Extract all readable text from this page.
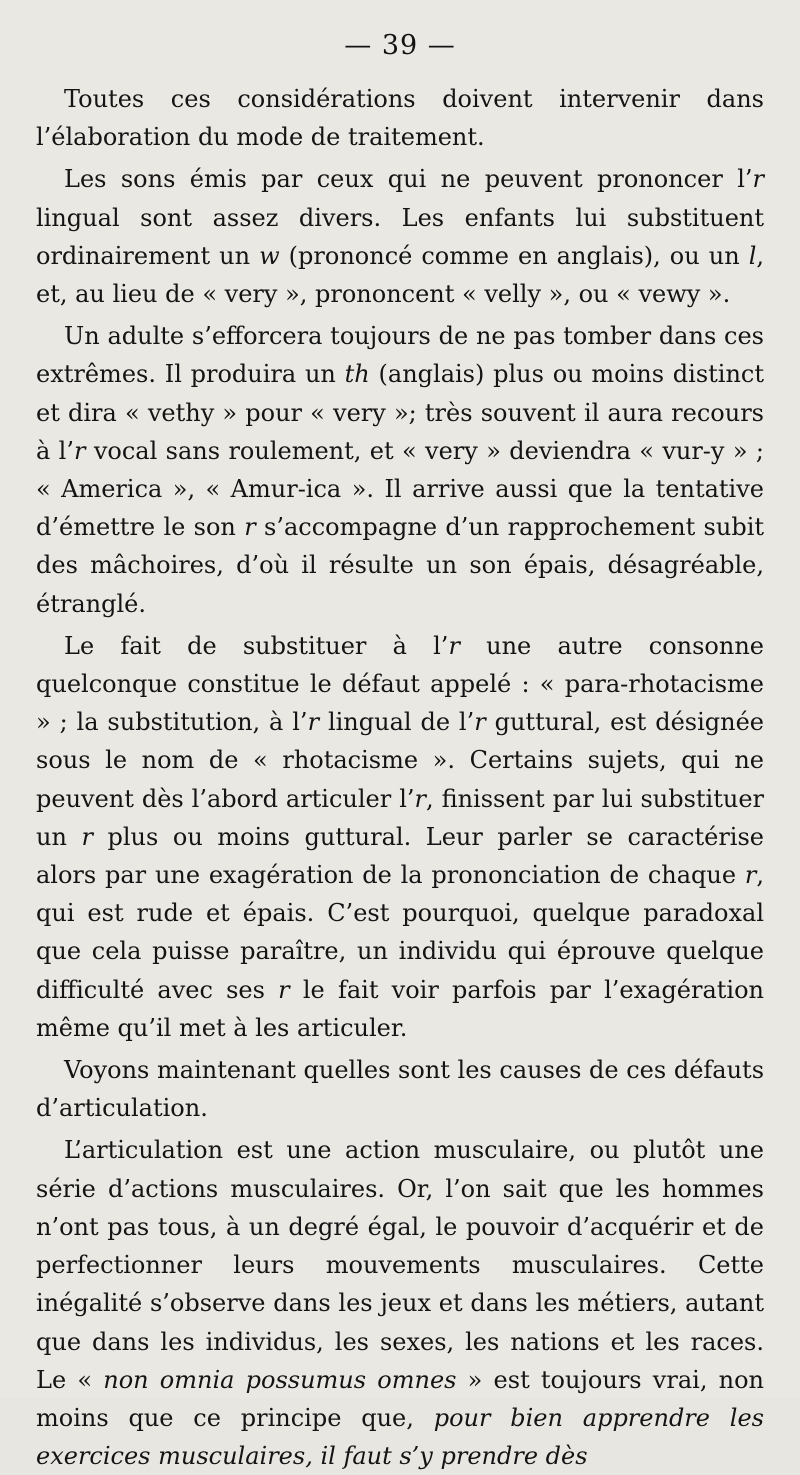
— 39 —

Toutes ces considérations doivent intervenir dans l’élaboration du mode de traitement.

Les sons émis par ceux qui ne peuvent prononcer l’r lingual sont assez divers. Les enfants lui substituent ordinairement un w (prononcé comme en anglais), ou un l, et, au lieu de « very », prononcent « velly », ou « vewy ».

Un adulte s’efforcera toujours de ne pas tomber dans ces extrêmes. Il produira un th (anglais) plus ou moins distinct et dira « vethy » pour « very »; très souvent il aura recours à l’r vocal sans roulement, et « very » deviendra « vur-y » ; « America », « Amur-ica ». Il arrive aussi que la tentative d’émettre le son r s’accompagne d’un rapprochement subit des mâchoires, d’où il résulte un son épais, désagréable, étranglé.

Le fait de substituer à l’r une autre consonne quelconque constitue le défaut appelé : « para-rhotacisme » ; la substitution, à l’r lingual de l’r guttural, est désignée sous le nom de « rhotacisme ». Certains sujets, qui ne peuvent dès l’abord articuler l’r, finissent par lui substituer un r plus ou moins guttural. Leur parler se caractérise alors par une exagération de la prononciation de chaque r, qui est rude et épais. C’est pourquoi, quelque paradoxal que cela puisse paraître, un individu qui éprouve quelque difficulté avec ses r le fait voir parfois par l’exagération même qu’il met à les articuler.

Voyons maintenant quelles sont les causes de ces défauts d’articulation.

L’articulation est une action musculaire, ou plutôt une série d’actions musculaires. Or, l’on sait que les hommes n’ont pas tous, à un degré égal, le pouvoir d’acquérir et de perfectionner leurs mouvements musculaires. Cette inégalité s’observe dans les jeux et dans les métiers, autant que dans les individus, les sexes, les nations et les races. Le « non omnia possumus omnes » est toujours vrai, non moins que ce principe que, pour bien apprendre les exercices musculaires, il faut s’y prendre dès
